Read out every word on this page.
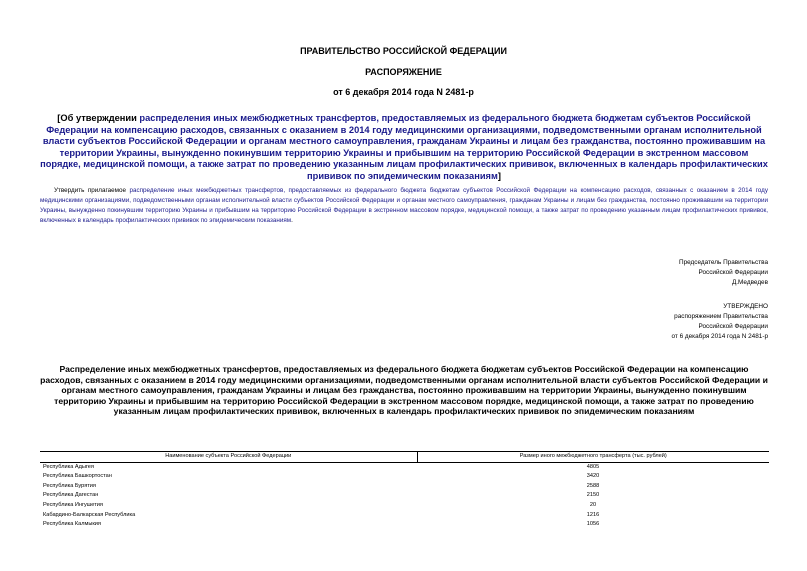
ПРАВИТЕЛЬСТВО РОССИЙСКОЙ ФЕДЕРАЦИИ
РАСПОРЯЖЕНИЕ
от 6 декабря 2014 года N 2481-р
[Об утверждении распределения иных межбюджетных трансфертов, предоставляемых из федерального бюджета бюджетам субъектов Российской Федерации на компенсацию расходов, связанных с оказанием в 2014 году медицинскими организациями, подведомственными органам исполнительной власти субъектов Российской Федерации и органам местного самоуправления, гражданам Украины и лицам без гражданства, постоянно проживавшим на территории Украины, вынужденно покинувшим территорию Украины и прибывшим на территорию Российской Федерации в экстренном массовом порядке, медицинской помощи, а также затрат по проведению указанным лицам профилактических прививок, включенных в календарь профилактических прививок по эпидемическим показаниям]
Утвердить прилагаемое распределение иных межбюджетных трансфертов, предоставляемых из федерального бюджета бюджетам субъектов Российской Федерации на компенсацию расходов, связанных с оказанием в 2014 году медицинскими организациями, подведомственными органам исполнительной власти субъектов Российской Федерации и органам местного самоуправления, гражданам Украины и лицам без гражданства, постоянно проживавшим на территории Украины, вынужденно покинувшим территорию Украины и прибывшим на территорию Российской Федерации в экстренном массовом порядке, медицинской помощи, а также затрат по проведению указанным лицам профилактических прививок, включенных в календарь профилактических прививок по эпидемическим показаниям.
Председатель Правительства
Российской Федерации
Д.Медведев
УТВЕРЖДЕНО
распоряжением Правительства
Российской Федерации
от 6 декабря 2014 года N 2481-р
Распределение иных межбюджетных трансфертов, предоставляемых из федерального бюджета бюджетам субъектов Российской Федерации на компенсацию расходов, связанных с оказанием в 2014 году медицинскими организациями, подведомственными органам исполнительной власти субъектов Российской Федерации и органам местного самоуправления, гражданам Украины и лицам без гражданства, постоянно проживавшим на территории Украины, вынужденно покинувшим территорию Украины и прибывшим на территорию Российской Федерации в экстренном массовом порядке, медицинской помощи, а также затрат по проведению указанным лицам профилактических прививок, включенных в календарь профилактических прививок по эпидемическим показаниям
Наименование субъекта Российской Федерации	Размер иного межбюджетного трансферта (тыс. рублей)
Республика Адыгея	4805
Республика Башкортостан	3420
Республика Бурятия	2588
Республика Дагестан	2150
Республика Ингушетия	20
Кабардино-Балкарская Республика	1216
Республика Калмыкия	1056
